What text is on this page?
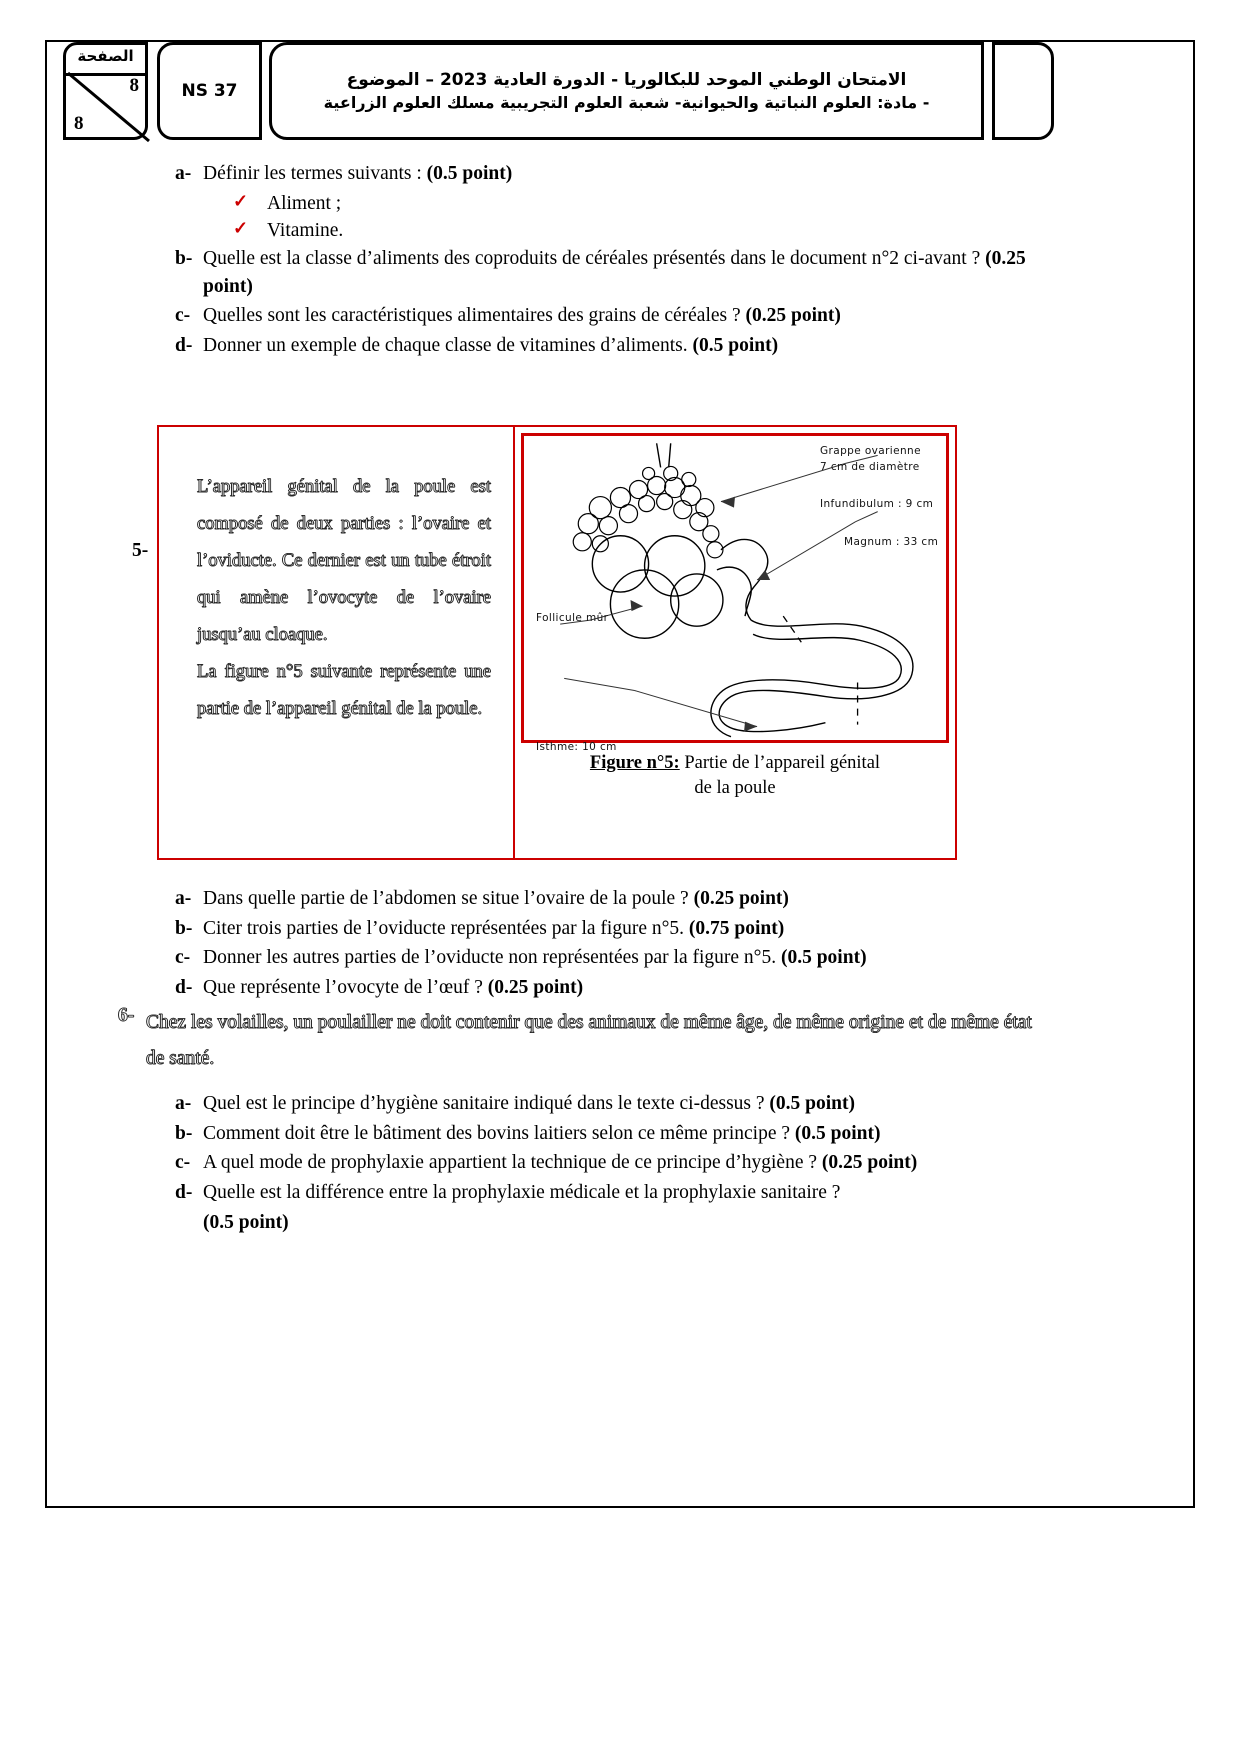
الصفحة
8
8
NS 37
الامتحان الوطني الموحد للبكالوريا - الدورة العادية 2023 – الموضوع
- مادة: العلوم النباتية والحيوانية- شعبة العلوم التجريبية مسلك العلوم الزراعية
a- Définir les termes suivants : (0.5 point)
✓ Aliment ;
✓ Vitamine.
b- Quelle est la classe d’aliments des coproduits de céréales présentés dans le document n°2 ci-avant ? (0.25 point)
c- Quelles sont les caractéristiques alimentaires des grains de céréales ? (0.25 point)
d- Donner un exemple de chaque classe de vitamines d’aliments. (0.5 point)
5-

L’appareil génital de la poule est composé de deux parties : l’ovaire et l’oviducte. Ce dernier est un tube étroit qui amène l’ovocyte de l’ovaire jusqu’au cloaque.

La figure n°5 suivante représente une partie de l’appareil génital de la poule.

Grappe ovarienne
7 cm de diamètre
Infundibulum : 9 cm
Magnum : 33 cm
Follicule mûr
Isthme: 10 cm
Figure n°5: Partie de l’appareil génital
de la poule
a- Dans quelle partie de l’abdomen se situe l’ovaire de la poule ? (0.25 point)
b- Citer trois parties de l’oviducte représentées par la figure n°5. (0.75 point)
c- Donner les autres parties de l’oviducte non représentées par la figure n°5. (0.5 point)
d- Que représente l’ovocyte de l’œuf ? (0.25 point)
6- Chez les volailles, un poulailler ne doit contenir que des animaux de même âge, de même origine et de même état de santé.
a- Quel est le principe d’hygiène sanitaire indiqué dans le texte ci-dessus ? (0.5 point)
b- Comment doit être le bâtiment des bovins laitiers selon ce même principe ? (0.5 point)
c- A quel mode de prophylaxie appartient la technique de ce principe d’hygiène ? (0.25 point)
d- Quelle est la différence entre la prophylaxie médicale et la prophylaxie sanitaire ?
(0.5 point)
